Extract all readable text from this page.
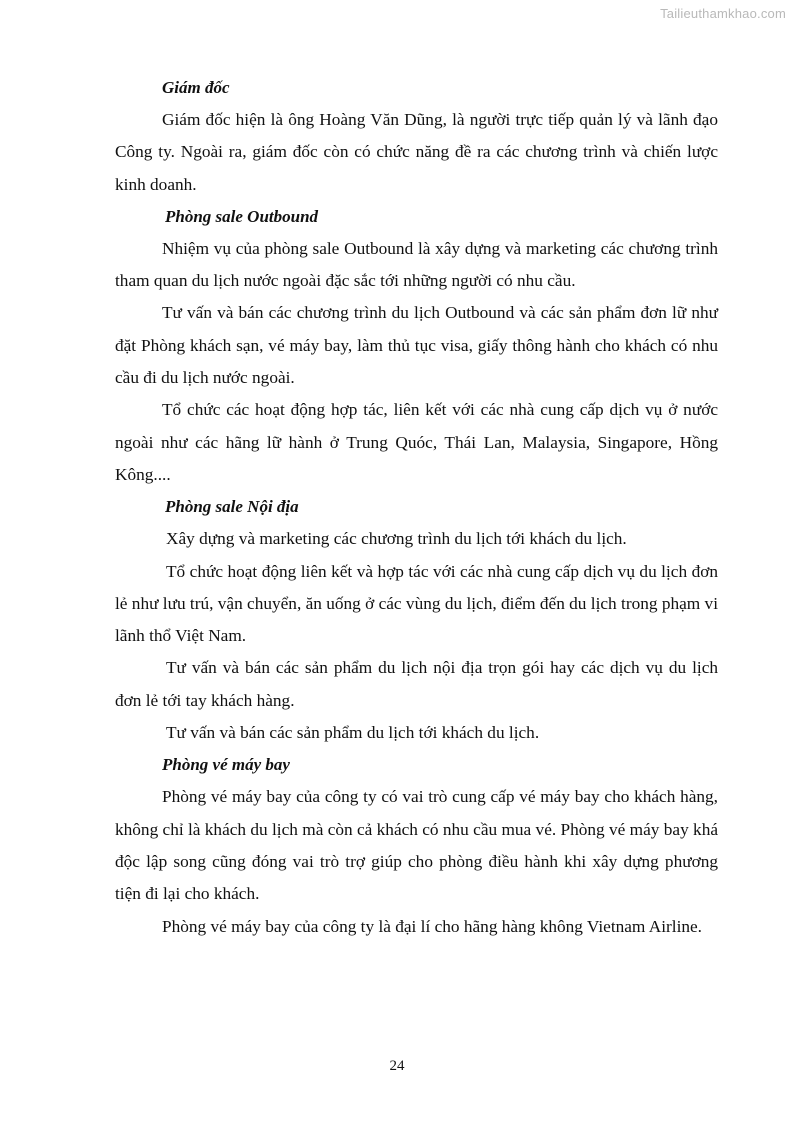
Tailieuthamkhao.com

Giám đốc

Giám đốc hiện là ông Hoàng Văn Dũng, là người trực tiếp quản lý và lãnh đạo Công ty. Ngoài ra, giám đốc còn có chức năng đề ra các chương trình và chiến lược kinh doanh.

Phòng sale Outbound

Nhiệm vụ của phòng sale Outbound là xây dựng và marketing các chương trình tham quan du lịch nước ngoài đặc sắc tới những người có nhu cầu.

Tư vấn và bán các chương trình du lịch Outbound và các sản phẩm đơn lữ như đặt Phòng khách sạn, vé máy bay, làm thủ tục visa, giấy thông hành cho khách có nhu cầu đi du lịch nước ngoài.

Tổ chức các hoạt động hợp tác, liên kết với các nhà cung cấp dịch vụ ở nước ngoài như các hãng lữ hành ở Trung Quóc, Thái Lan, Malaysia, Singapore, Hồng Kông....

Phòng sale Nội địa

Xây dựng và marketing các chương trình du lịch tới khách du lịch.

Tổ chức hoạt động liên kết và hợp tác với các nhà cung cấp dịch vụ du lịch đơn lẻ như lưu trú, vận chuyển, ăn uống ở các vùng du lịch, điểm đến du lịch trong phạm vi lãnh thổ Việt Nam.

Tư vấn và bán các sản phẩm du lịch nội địa trọn gói hay các dịch vụ du lịch đơn lẻ tới tay khách hàng.

Tư vấn và bán các sản phẩm du lịch tới khách du lịch.

Phòng vé máy bay

Phòng vé máy bay của công ty có vai trò cung cấp vé máy bay cho khách hàng, không chỉ là khách du lịch mà còn cả khách có nhu cầu mua vé. Phòng vé máy bay khá độc lập song cũng đóng vai trò trợ giúp cho phòng điều hành khi xây dựng phương tiện đi lại cho khách.

Phòng vé máy bay của công ty là đại lí cho hãng hàng không Vietnam Airline.

24
